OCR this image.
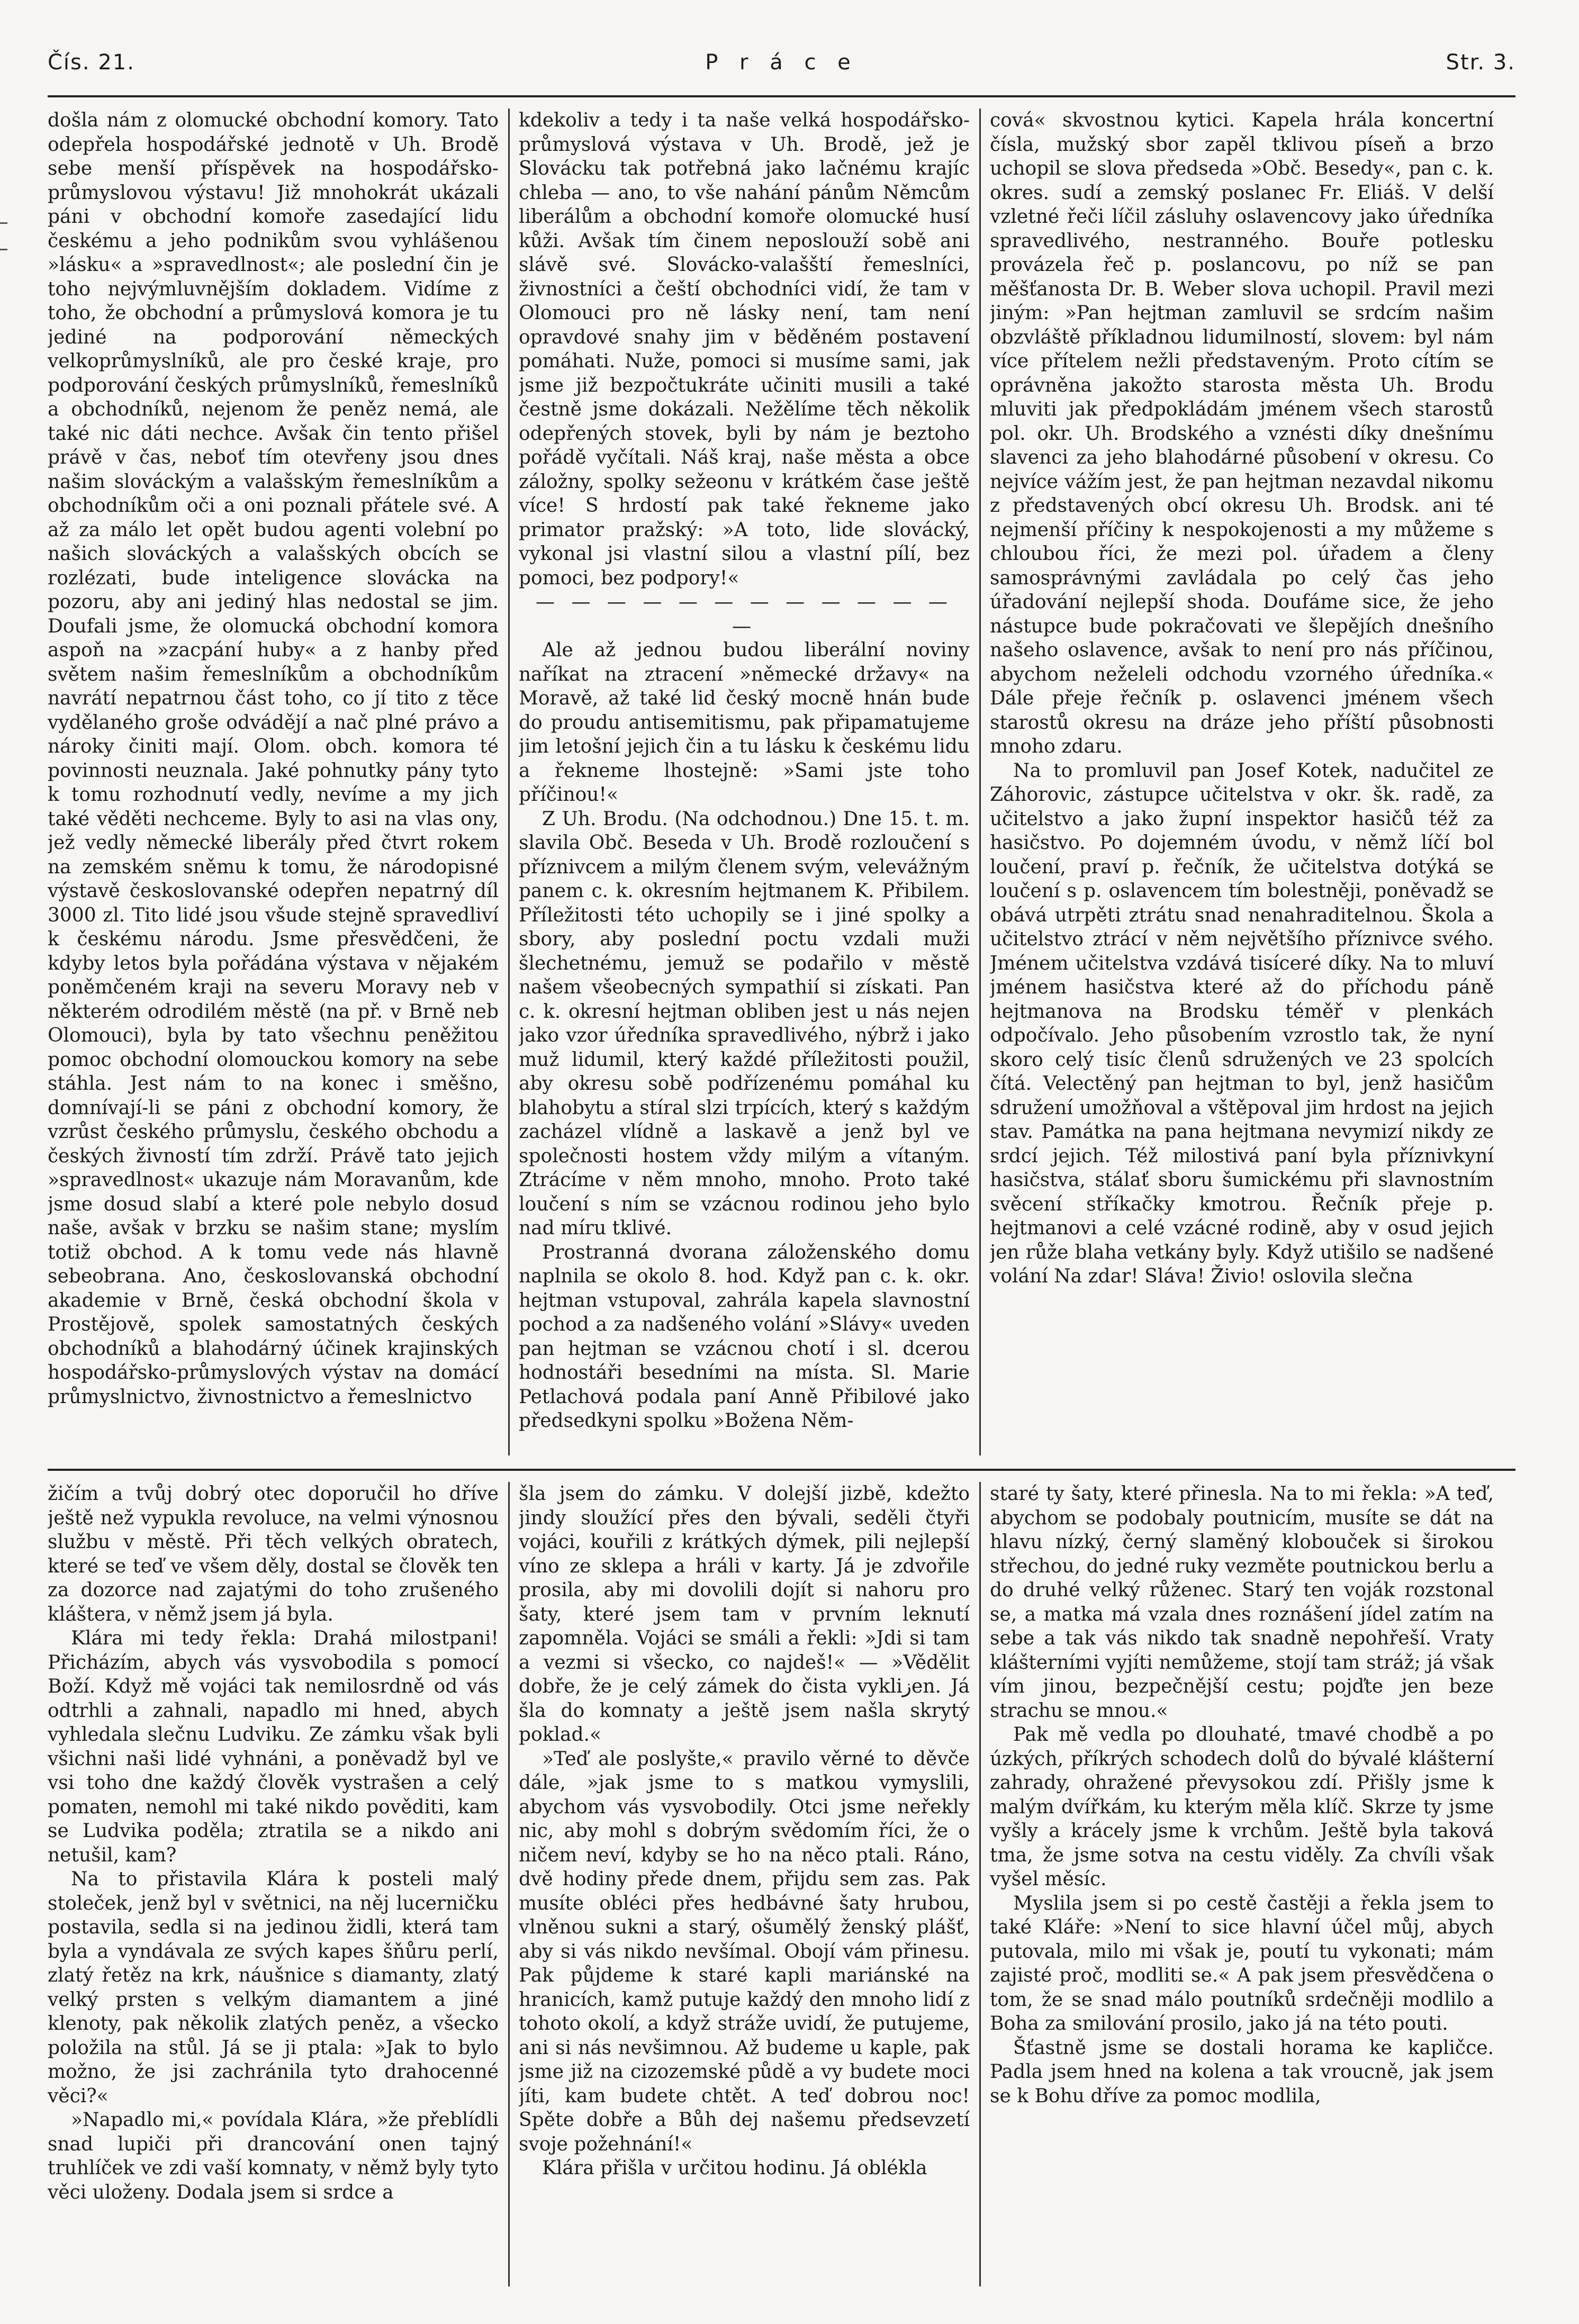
Čís. 21.	P r á c e	Str. 3.

došla nám z olomucké obchodní komory. Tato odepřela hospodářské jednotě v Uh. Brodě sebe menší příspěvek na hospodářsko-průmyslovou výstavu! Již mnohokrát ukázali páni v obchodní komoře zasedající lidu českému a jeho podnikům svou vyhlášenou »lásku« a »spravedlnost«; ale poslední čin je toho nejvýmluvnějším dokladem. Vidíme z toho, že obchodní a průmyslová komora je tu jediné na podporování německých velkoprůmyslníků, ale pro české kraje, pro podporování českých průmyslníků, řemeslníků a obchodníků, nejenom že peněz nemá, ale také nic dáti nechce. Avšak čin tento přišel právě v čas, neboť tím otevřeny jsou dnes našim slováckým a valašským řemeslníkům a obchodníkům oči a oni poznali přátele své. A až za málo let opět budou agenti volební po našich slováckých a valašských obcích se rozlézati, bude inteligence slovácka na pozoru, aby ani jediný hlas nedostal se jim. Doufali jsme, že olomucká obchodní komora aspoň na »zacpání huby« a z hanby před světem našim řemeslníkům a obchodníkům navrátí nepatrnou část toho, co jí tito z těce vydělaného groše odvádějí a nač plné právo a nároky činiti mají. Olom. obch. komora té povinnosti neuznala. Jaké pohnutky pány tyto k tomu rozhodnutí vedly, nevíme a my jich také věděti nechceme. Byly to asi na vlas ony, jež vedly německé liberály před čtvrt rokem na zemském sněmu k tomu, že národopisné výstavě českoslovanské odepřen nepatrný díl 3000 zl. Tito lidé jsou všude stejně spravedliví k českému národu. Jsme přesvědčeni, že kdyby letos byla pořádána výstava v nějakém poněmčeném kraji na severu Moravy neb v některém odrodilém městě (na př. v Brně neb Olomouci), byla by tato všechnu peněžitou pomoc obchodní olomouckou komory na sebe stáhla. Jest nám to na konec i směšno, domnívají-li se páni z obchodní komory, že vzrůst českého průmyslu, českého obchodu a českých živností tím zdrží. Právě tato jejich »spravedlnost« ukazuje nám Moravanům, kde jsme dosud slabí a které pole nebylo dosud naše, avšak v brzku se našim stane; myslím totiž obchod. A k tomu vede nás hlavně sebeobrana. Ano, českoslovanská obchodní akademie v Brně, česká obchodní škola v Prostějově, spolek samostatných českých obchodníků a blahodárný účinek krajinských hospodářsko-průmyslových výstav na domácí průmyslnictvo, živnostnictvo a řemeslnictvo

kdekoliv a tedy i ta naše velká hospodářsko-průmyslová výstava v Uh. Brodě, jež je Slovácku tak potřebná jako lačnému krajíc chleba — ano, to vše nahání pánům Němcům liberálům a obchodní komoře olomucké husí kůži. Avšak tím činem neposlouží sobě ani slávě své. Slovácko-valašští řemeslníci, živnostníci a čeští obchodníci vidí, že tam v Olomouci pro ně lásky není, tam není opravdové snahy jim v běděném postavení pomáhati. Nuže, pomoci si musíme sami, jak jsme již bezpočtukráte učiniti musili a také čestně jsme dokázali. Nežělíme těch několik odepřených stovek, byli by nám je beztoho pořádě vyčítali. Náš kraj, naše města a obce záložny, spolky sežeonu v krátkém čase ještě více! S hrdostí pak také řekneme jako primator pražský: »A toto, lide slovácký, vykonal jsi vlastní silou a vlastní pílí, bez pomoci, bez podpory!«

— — — — — — — — — — — — —

Ale až jednou budou liberální noviny naříkat na ztracení »německé državy« na Moravě, až také lid český mocně hnán bude do proudu antisemitismu, pak připamatujeme jim letošní jejich čin a tu lásku k českému lidu a řekneme lhostejně: »Sami jste toho příčinou!«

Z Uh. Brodu. (Na odchodnou.) Dne 15. t. m. slavila Obč. Beseda v Uh. Brodě rozloučení s příznivcem a milým členem svým, velevážným panem c. k. okresním hejtmanem K. Přibilem. Příležitosti této uchopily se i jiné spolky a sbory, aby poslední poctu vzdali muži šlechetnému, jemuž se podařilo v městě našem všeobecných sympathií si získati. Pan c. k. okresní hejtman obliben jest u nás nejen jako vzor úředníka spravedlivého, nýbrž i jako muž lidumil, který každé příležitosti použil, aby okresu sobě podřízenému pomáhal ku blahobytu a stíral slzi trpících, který s každým zacházel vlídně a laskavě a jenž byl ve společnosti hostem vždy milým a vítaným. Ztrácíme v něm mnoho, mnoho. Proto také loučení s ním se vzácnou rodinou jeho bylo nad míru tklivé.

Prostranná dvorana záloženského domu naplnila se okolo 8. hod. Když pan c. k. okr. hejtman vstupoval, zahrála kapela slavnostní pochod a za nadšeného volání »Slávy« uveden pan hejtman se vzácnou chotí i sl. dcerou hodnostáři besedními na místa. Sl. Marie Petlachová podala paní Anně Přibilové jako předsedkyni spolku »Božena Něm-

cová« skvostnou kytici. Kapela hrála koncertní čísla, mužský sbor zapěl tklivou píseň a brzo uchopil se slova předseda »Obč. Besedy«, pan c. k. okres. sudí a zemský poslanec Fr. Eliáš. V delší vzletné řeči líčil zásluhy oslavencovy jako úředníka spravedlivého, nestranného. Bouře potlesku provázela řeč p. poslancovu, po níž se pan měšťanosta Dr. B. Weber slova uchopil. Pravil mezi jiným: »Pan hejtman zamluvil se srdcím našim obzvláště příkladnou lidumilností, slovem: byl nám více přítelem nežli představeným. Proto cítím se oprávněna jakožto starosta města Uh. Brodu mluviti jak předpokládám jménem všech starostů pol. okr. Uh. Brodského a vznésti díky dnešnímu slavenci za jeho blahodárné působení v okresu. Co nejvíce vážím jest, že pan hejtman nezavdal nikomu z představených obcí okresu Uh. Brodsk. ani té nejmenší příčiny k nespokojenosti a my můžeme s chloubou říci, že mezi pol. úřadem a členy samosprávnými zavládala po celý čas jeho úřadování nejlepší shoda. Doufáme sice, že jeho nástupce bude pokračovati ve šlepějích dnešního našeho oslavence, avšak to není pro nás příčinou, abychom neželeli odchodu vzorného úředníka.« Dále přeje řečník p. oslavenci jménem všech starostů okresu na dráze jeho příští působnosti mnoho zdaru.

Na to promluvil pan Josef Kotek, nadučitel ze Záhorovic, zástupce učitelstva v okr. šk. radě, za učitelstvo a jako župní inspektor hasičů též za hasičstvo. Po dojemném úvodu, v němž líčí bol loučení, praví p. řečník, že učitelstva dotýká se loučení s p. oslavencem tím bolestněji, poněvadž se obává utrpěti ztrátu snad nenahraditelnou. Škola a učitelstvo ztrácí v něm největšího příznivce svého. Jménem učitelstva vzdává tisíceré díky. Na to mluví jménem hasičstva které až do příchodu páně hejtmanova na Brodsku téměř v plenkách odpočívalo. Jeho působením vzrostlo tak, že nyní skoro celý tisíc členů sdružených ve 23 spolcích čítá. Velectěný pan hejtman to byl, jenž hasičům sdružení umožňoval a vštěpoval jim hrdost na jejich stav. Památka na pana hejtmana nevymizí nikdy ze srdcí jejich. Též milostivá paní byla příznivkyní hasičstva, stálať sboru šumickému při slavnostním svěcení stříkačky kmotrou. Řečník přeje p. hejtmanovi a celé vzácné rodině, aby v osud jejich jen růže blaha vetkány byly. Když utišilo se nadšené volání Na zdar! Sláva! Živio! oslovila slečna

žičím a tvůj dobrý otec doporučil ho dříve ještě než vypukla revoluce, na velmi výnosnou službu v městě. Při těch velkých obratech, které se teď ve všem děly, dostal se člověk ten za dozorce nad zajatými do toho zrušeného kláštera, v němž jsem já byla.

Klára mi tedy řekla: Drahá milostpani! Přicházím, abych vás vysvobodila s pomocí Boží. Když mě vojáci tak nemilosrdně od vás odtrhli a zahnali, napadlo mi hned, abych vyhledala slečnu Ludviku. Ze zámku však byli všichni naši lidé vyhnáni, a poněvadž byl ve vsi toho dne každý člověk vystrašen a celý pomaten, nemohl mi také nikdo pověditi, kam se Ludvika poděla; ztratila se a nikdo ani netušil, kam?

Na to přistavila Klára k posteli malý stoleček, jenž byl v světnici, na něj lucerničku postavila, sedla si na jedinou židli, která tam byla a vyndávala ze svých kapes šňůru perlí, zlatý řetěz na krk, náušnice s diamanty, zlatý velký prsten s velkým diamantem a jiné klenoty, pak několik zlatých peněz, a všecko položila na stůl. Já se ji ptala: »Jak to bylo možno, že jsi zachránila tyto drahocenné věci?«

»Napadlo mi,« povídala Klára, »že přeblídli snad lupiči při drancování onen tajný truhlíček ve zdi vaší komnaty, v němž byly tyto věci uloženy. Dodala jsem si srdce a

šla jsem do zámku. V dolejší jizbě, kdežto jindy sloužící přes den bývali, seděli čtyři vojáci, kouřili z krátkých dýmek, pili nejlepší víno ze sklepa a hráli v karty. Já je zdvořile prosila, aby mi dovolili dojít si nahoru pro šaty, které jsem tam v prvním leknutí zapomněla. Vojáci se smáli a řekli: »Jdi si tam a vezmi si všecko, co najdeš!« — »Vědělit dobře, že je celý zámek do čista vykliزen. Já šla do komnaty a ještě jsem našla skrytý poklad.«

»Teď ale poslyšte,« pravilo věrné to děvče dále, »jak jsme to s matkou vymyslili, abychom vás vysvobodily. Otci jsme neřekly nic, aby mohl s dobrým svědomím říci, že o ničem neví, kdyby se ho na něco ptali. Ráno, dvě hodiny předе dnem, přijdu sem zas. Pak musíte obléci přes hedbávné šaty hrubou, vlněnou sukni a starý, ošumělý ženský plášť, aby si vás nikdo nevšímal. Obojí vám přinesu. Pak půjdeme k staré kapli mariánské na hranicích, kamž putuje každý den mnoho lidí z tohoto okolí, a když stráže uvidí, že putujeme, ani si nás nevšimnou. Až budeme u kaple, pak jsme již na cizozemské půdě a vy budete moci jíti, kam budete chtět. A teď dobrou noc! Spěte dobře a Bůh dej našemu předsevzetí svoje požehnání!«

Klára přišla v určitou hodinu. Já oblékla

staré ty šaty, které přinesla. Na to mi řekla: »A teď, abychom se podobaly poutnicím, musíte se dát na hlavu nízký, černý slaměný klobouček si širokou střechou, do jedné ruky vezměte poutnickou berlu a do druhé velký růženec. Starý ten voják rozstonal se, a matka má vzala dnes roznášení jídel zatím na sebe a tak vás nikdo tak snadně nepohřeší. Vraty klášterními vyjíti nemůžeme, stojí tam stráž; já však vím jinou, bezpečnější cestu; pojďte jen beze strachu se mnou.«

Pak mě vedla po dlouhaté, tmavé chodbě a po úzkých, příkrých schodech dolů do bývalé klášterní zahrady, ohražené převysokou zdí. Přišly jsme k malým dvířkám, ku kterým měla klíč. Skrze ty jsme vyšly a krácely jsme k vrchům. Ještě byla taková tma, že jsme sotva na cestu viděly. Za chvíli však vyšel měsíc.

Myslila jsem si po cestě častěji a řekla jsem to také Kláře: »Není to sice hlavní účel můj, abych putovala, milo mi však je, poutí tu vykonati; mám zajisté proč, modliti se.« A pak jsem přesvědčena o tom, že se snad málo poutníků srdečněji modlilo a Boha za smilování prosilo, jako já na této pouti.

Šťastně jsme se dostali horama ke kapličce. Padla jsem hned na kolena a tak vroucně, jak jsem se k Bohu dříve za pomoc modlila,
